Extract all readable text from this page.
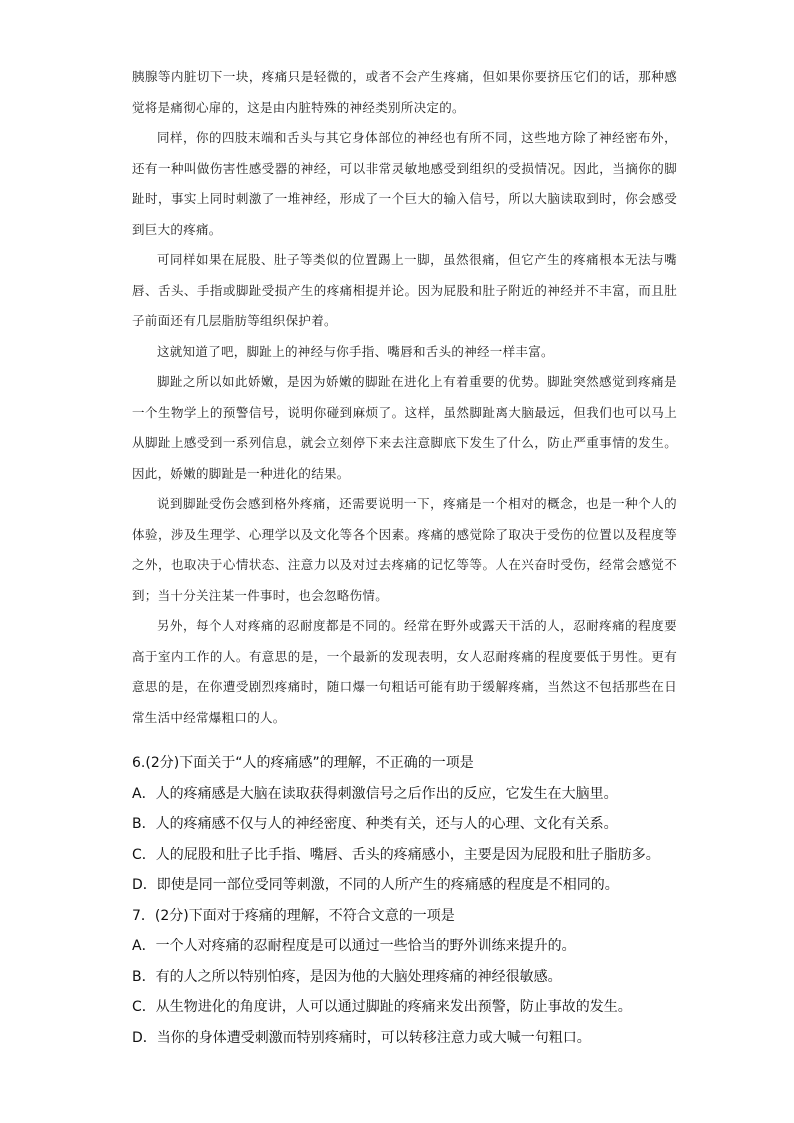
胰腺等内脏切下一块，疼痛只是轻微的，或者不会产生疼痛，但如果你要挤压它们的话，那种感觉将是痛彻心扉的，这是由内脏特殊的神经类别所决定的。

同样，你的四肢末端和舌头与其它身体部位的神经也有所不同，这些地方除了神经密布外，还有一种叫做伤害性感受器的神经，可以非常灵敏地感受到组织的受损情况。因此，当摘你的脚趾时，事实上同时刺激了一堆神经，形成了一个巨大的输入信号，所以大脑读取到时，你会感受到巨大的疼痛。

可同样如果在屁股、肚子等类似的位置踢上一脚，虽然很痛，但它产生的疼痛根本无法与嘴唇、舌头、手指或脚趾受损产生的疼痛相提并论。因为屁股和肚子附近的神经并不丰富，而且肚子前面还有几层脂肪等组织保护着。

这就知道了吧，脚趾上的神经与你手指、嘴唇和舌头的神经一样丰富。

脚趾之所以如此娇嫩，是因为娇嫩的脚趾在进化上有着重要的优势。脚趾突然感觉到疼痛是一个生物学上的预警信号，说明你碰到麻烦了。这样，虽然脚趾离大脑最远，但我们也可以马上从脚趾上感受到一系列信息，就会立刻停下来去注意脚底下发生了什么，防止严重事情的发生。因此，娇嫩的脚趾是一种进化的结果。

说到脚趾受伤会感到格外疼痛，还需要说明一下，疼痛是一个相对的概念，也是一种个人的体验，涉及生理学、心理学以及文化等各个因素。疼痛的感觉除了取决于受伤的位置以及程度等之外，也取决于心情状态、注意力以及对过去疼痛的记忆等等。人在兴奋时受伤，经常会感觉不到；当十分关注某一件事时，也会忽略伤情。

另外，每个人对疼痛的忍耐度都是不同的。经常在野外或露天干活的人，忍耐疼痛的程度要高于室内工作的人。有意思的是，一个最新的发现表明，女人忍耐疼痛的程度要低于男性。更有意思的是，在你遭受剧烈疼痛时，随口爆一句粗话可能有助于缓解疼痛，当然这不包括那些在日常生活中经常爆粗口的人。

6.(2分)下面关于“人的疼痛感”的理解，不正确的一项是

A．人的疼痛感是大脑在读取获得刺激信号之后作出的反应，它发生在大脑里。

B．人的疼痛感不仅与人的神经密度、种类有关，还与人的心理、文化有关系。

C．人的屁股和肚子比手指、嘴唇、舌头的疼痛感小，主要是因为屁股和肚子脂肪多。

D．即使是同一部位受同等刺激，不同的人所产生的疼痛感的程度是不相同的。

7．(2分)下面对于疼痛的理解，不符合文意的一项是

A．一个人对疼痛的忍耐程度是可以通过一些恰当的野外训练来提升的。

B．有的人之所以特别怕疼，是因为他的大脑处理疼痛的神经很敏感。

C．从生物进化的角度讲，人可以通过脚趾的疼痛来发出预警，防止事故的发生。

D．当你的身体遭受刺激而特别疼痛时，可以转移注意力或大喊一句粗口。
